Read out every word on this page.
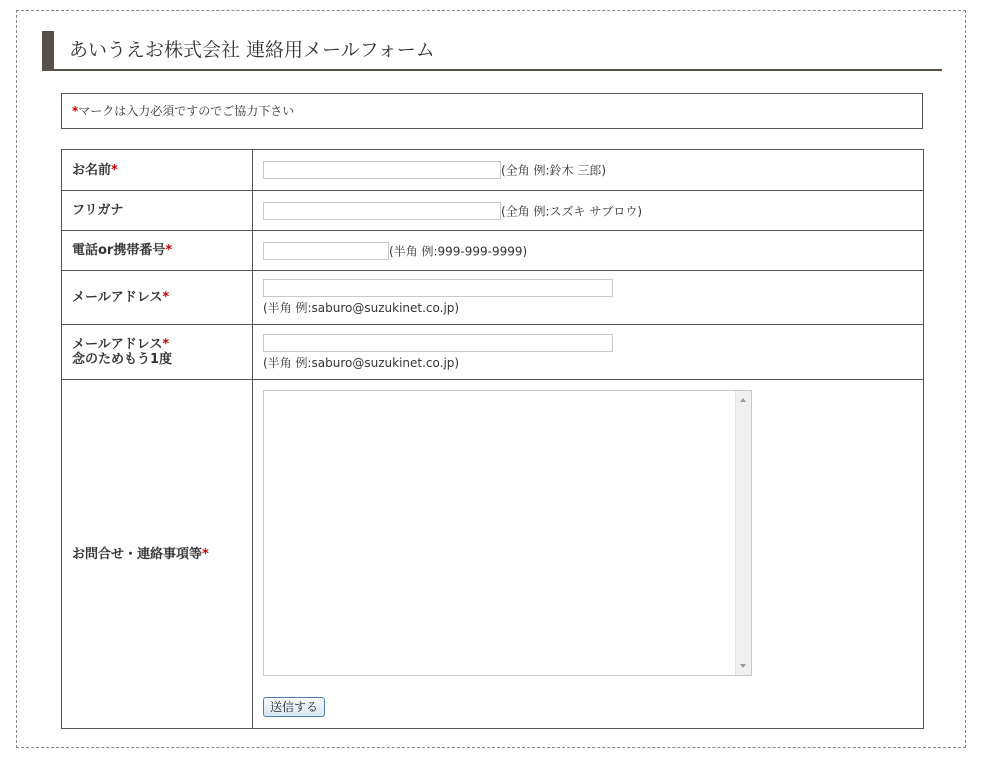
あいうえお株式会社 連絡用メールフォーム
*マークは入力必須ですのでご協力下さい
お名前*	(全角 例:鈴木 三郎)
フリガナ	(全角 例:スズキ サブロウ)
電話or携帯番号*	(半角 例:999-999-9999)
メールアドレス*	(半角 例:saburo@suzukinet.co.jp)

メールアドレス*
念のためもう1度	(半角 例:saburo@suzukinet.co.jp)

お問合せ・連絡事項等*	送信する
